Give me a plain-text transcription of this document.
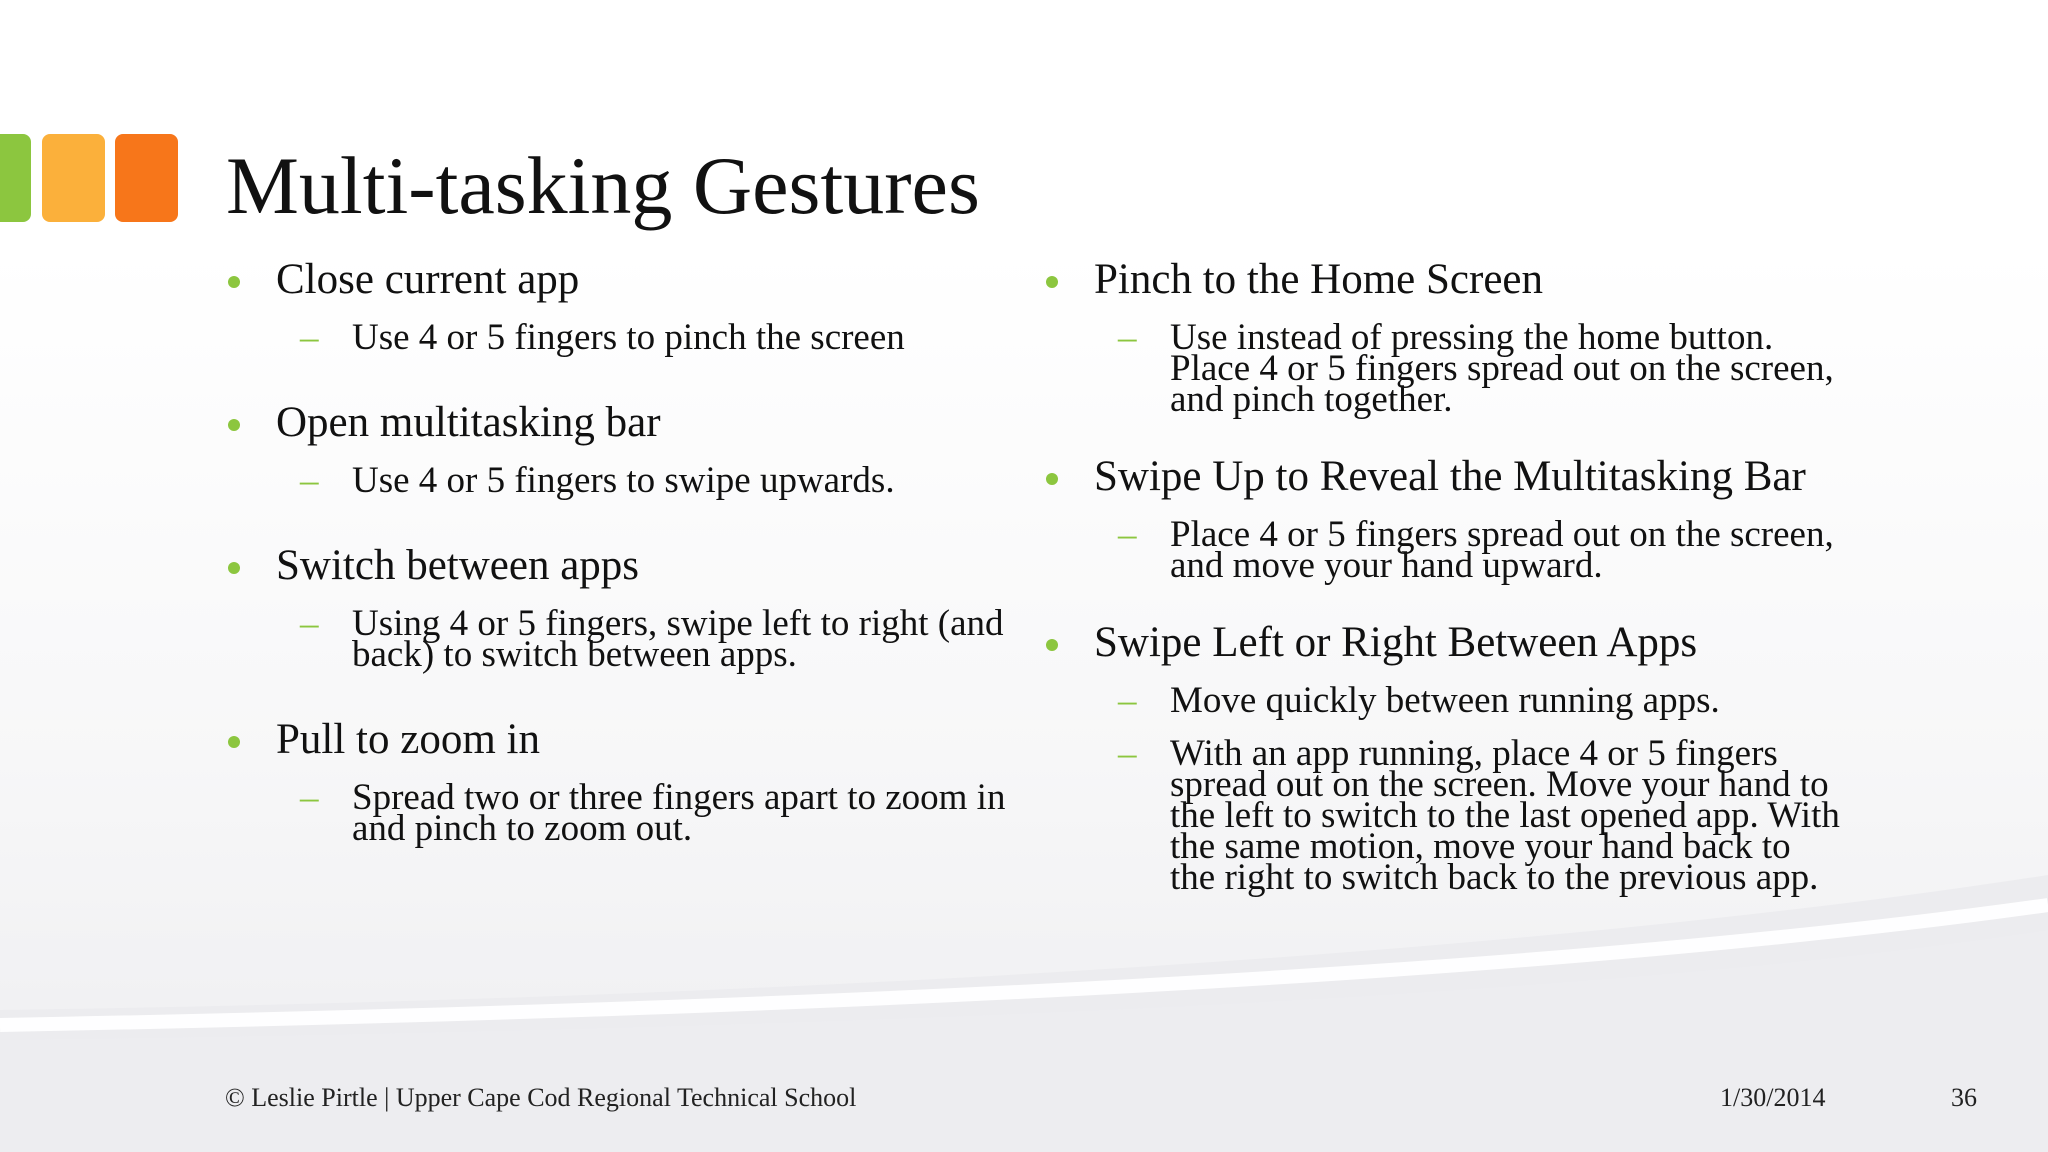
Multi-tasking Gestures
Close current app
– Use 4 or 5 fingers to pinch the screen
Open multitasking bar
– Use 4 or 5 fingers to swipe upwards.
Switch between apps
– Using 4 or 5 fingers, swipe left to right (and back) to switch between apps.
Pull to zoom in
– Spread two or three fingers apart to zoom in and pinch to zoom out.
Pinch to the Home Screen
– Use instead of pressing the home button. Place 4 or 5 fingers spread out on the screen, and pinch together.
Swipe Up to Reveal the Multitasking Bar
– Place 4 or 5 fingers spread out on the screen, and move your hand upward.
Swipe Left or Right Between Apps
– Move quickly between running apps.
– With an app running, place 4 or 5 fingers spread out on the screen. Move your hand to the left to switch to the last opened app. With the same motion, move your hand back to the right to switch back to the previous app.
© Leslie Pirtle | Upper Cape Cod Regional Technical School	1/30/2014	36
